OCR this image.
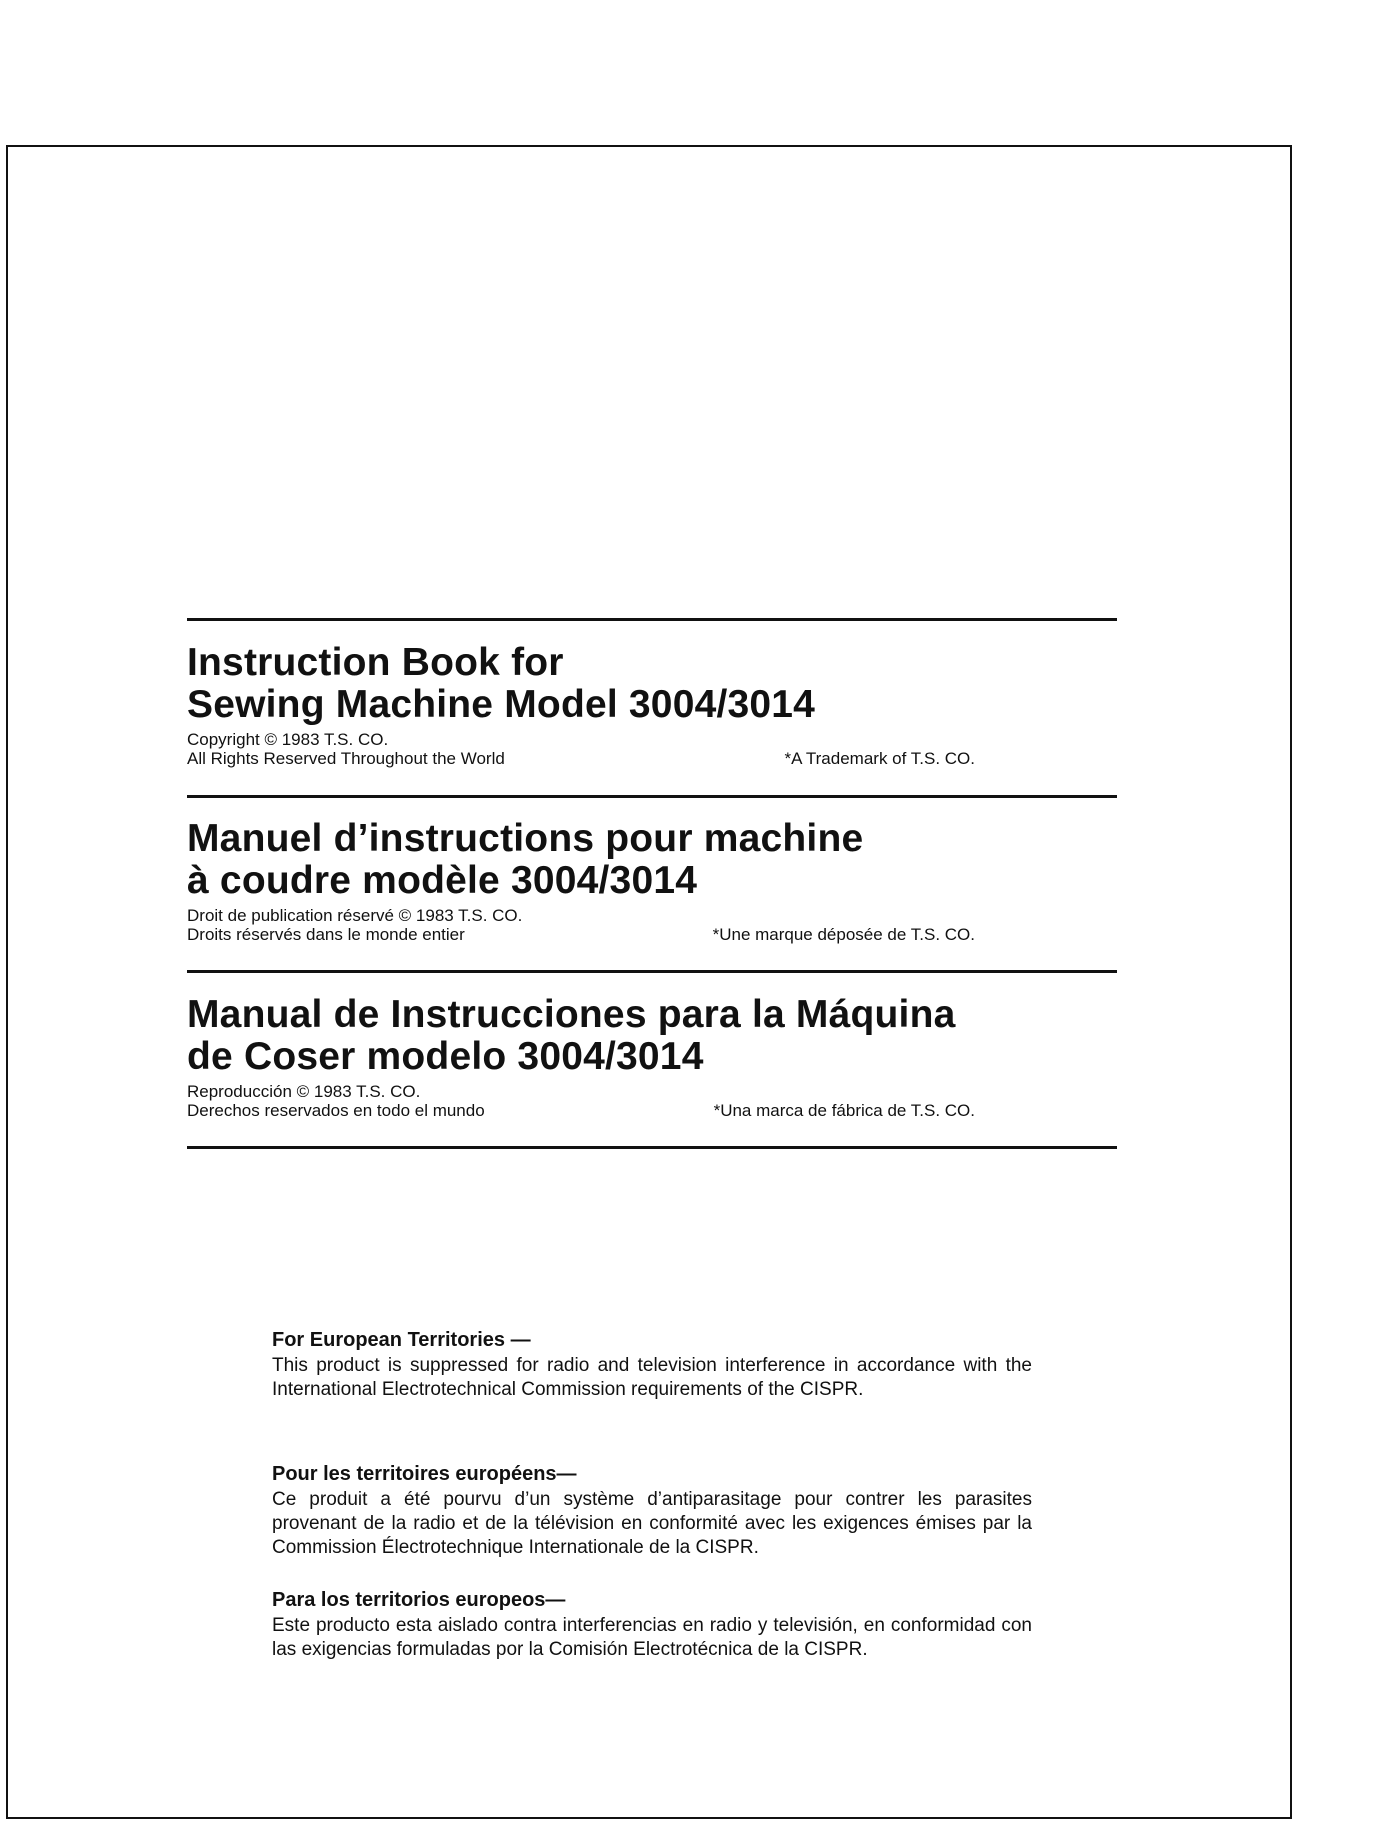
Instruction Book for
Sewing Machine Model 3004/3014
Copyright © 1983 T.S. CO.
All Rights Reserved Throughout the World	*A Trademark of T.S. CO.
Manuel d’instructions pour machine
à coudre modèle 3004/3014
Droit de publication réservé © 1983 T.S. CO.
Droits réservés dans le monde entier	*Une marque déposée de T.S. CO.
Manual de Instrucciones para la Máquina
de Coser modelo 3004/3014
Reproducción © 1983 T.S. CO.
Derechos reservados en todo el mundo	*Una marca de fábrica de T.S. CO.
For European Territories —

This product is suppressed for radio and television interference in accordance with the International Electrotechnical Commission requirements of the CISPR.

Pour les territoires européens—

Ce produit a été pourvu d’un système d’antiparasitage pour contrer les parasites provenant de la radio et de la télévision en conformité avec les exigences émises par la Commission Électrotechnique Internationale de la CISPR.

Para los territorios europeos—

Este producto esta aislado contra interferencias en radio y televisión, en conformidad con las exigencias formuladas por la Comisión Electrotécnica de la CISPR.
